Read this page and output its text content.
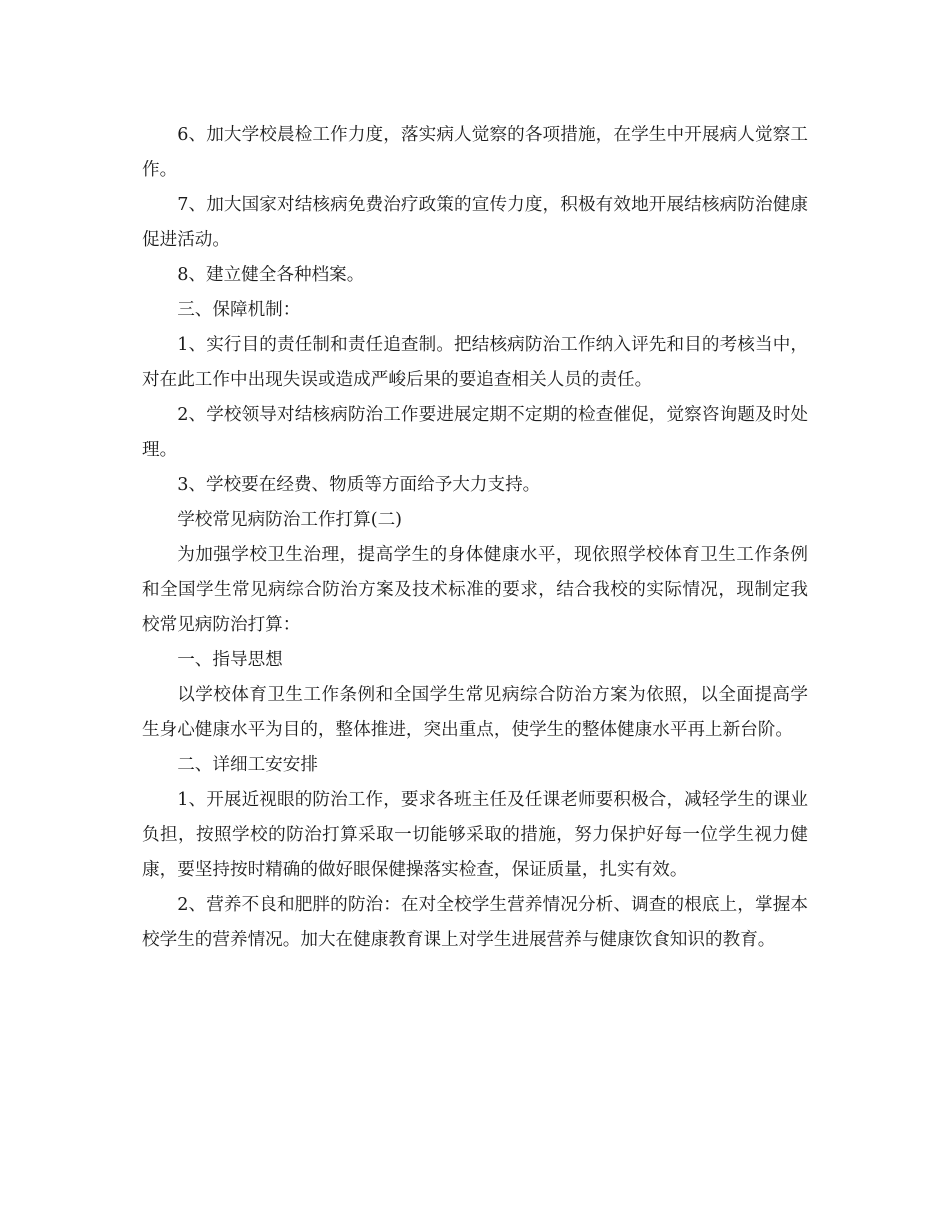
6、加大学校晨检工作力度，落实病人觉察的各项措施，在学生中开展病人觉察工作。

7、加大国家对结核病免费治疗政策的宣传力度，积极有效地开展结核病防治健康促进活动。

8、建立健全各种档案。

三、保障机制：

1、实行目的责任制和责任追查制。把结核病防治工作纳入评先和目的考核当中，对在此工作中出现失误或造成严峻后果的要追查相关人员的责任。

2、学校领导对结核病防治工作要进展定期不定期的检查催促，觉察咨询题及时处理。

3、学校要在经费、物质等方面给予大力支持。

学校常见病防治工作打算(二)

为加强学校卫生治理，提高学生的身体健康水平，现依照学校体育卫生工作条例和全国学生常见病综合防治方案及技术标准的要求，结合我校的实际情况，现制定我校常见病防治打算：

一、指导思想

以学校体育卫生工作条例和全国学生常见病综合防治方案为依照，以全面提高学生身心健康水平为目的，整体推进，突出重点，使学生的整体健康水平再上新台阶。

二、详细工安安排

1、开展近视眼的防治工作，要求各班主任及任课老师要积极合，减轻学生的课业负担，按照学校的防治打算采取一切能够采取的措施，努力保护好每一位学生视力健康，要坚持按时精确的做好眼保健操落实检查，保证质量，扎实有效。

2、营养不良和肥胖的防治：在对全校学生营养情况分析、调查的根底上，掌握本校学生的营养情况。加大在健康教育课上对学生进展营养与健康饮食知识的教育。
